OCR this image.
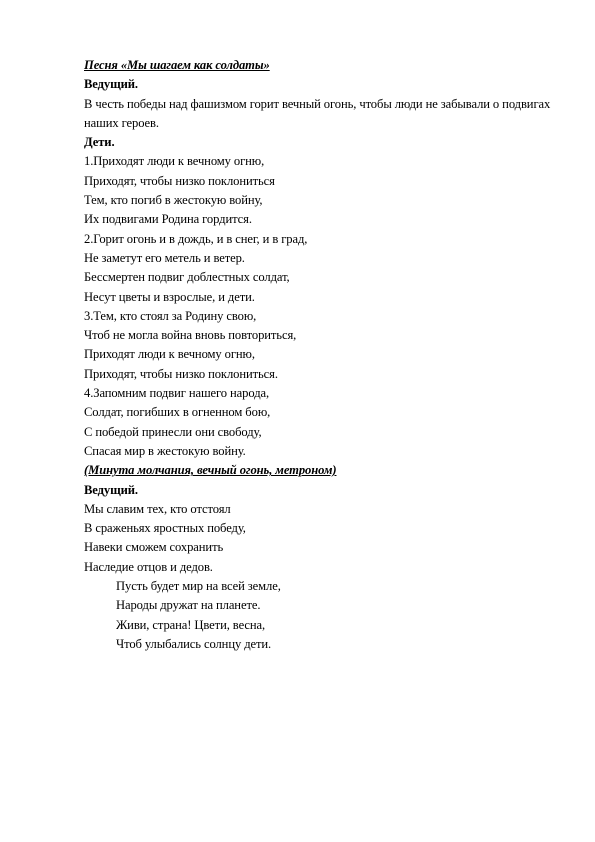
Песня «Мы шагаем как солдаты»
Ведущий.
В честь победы над фашизмом горит вечный огонь, чтобы люди не забывали о подвигах наших героев.
Дети.
1.Приходят люди к вечному огню,
Приходят, чтобы низко поклониться
Тем, кто погиб в жестокую войну,
Их подвигами Родина гордится.
2.Горит огонь и в дождь, и в снег, и в град,
Не заметут его метель и ветер.
Бессмертен подвиг доблестных солдат,
Несут цветы и взрослые, и дети.
3.Тем, кто стоял за Родину свою,
Чтоб не могла война вновь повториться,
Приходят люди к вечному огню,
Приходят, чтобы низко поклониться.
4.Запомним подвиг нашего народа,
Солдат, погибших в огненном бою,
С победой принесли они свободу,
Спасая мир в жестокую войну.
(Минута молчания, вечный огонь, метроном)
Ведущий.
Мы славим тех, кто отстоял
В сраженьях яростных победу,
Навеки сможем сохранить
Наследие отцов и дедов.
Пусть будет мир на всей земле,
Народы дружат на планете.
Живи, страна! Цвети, весна,
Чтоб улыбались солнцу дети.
